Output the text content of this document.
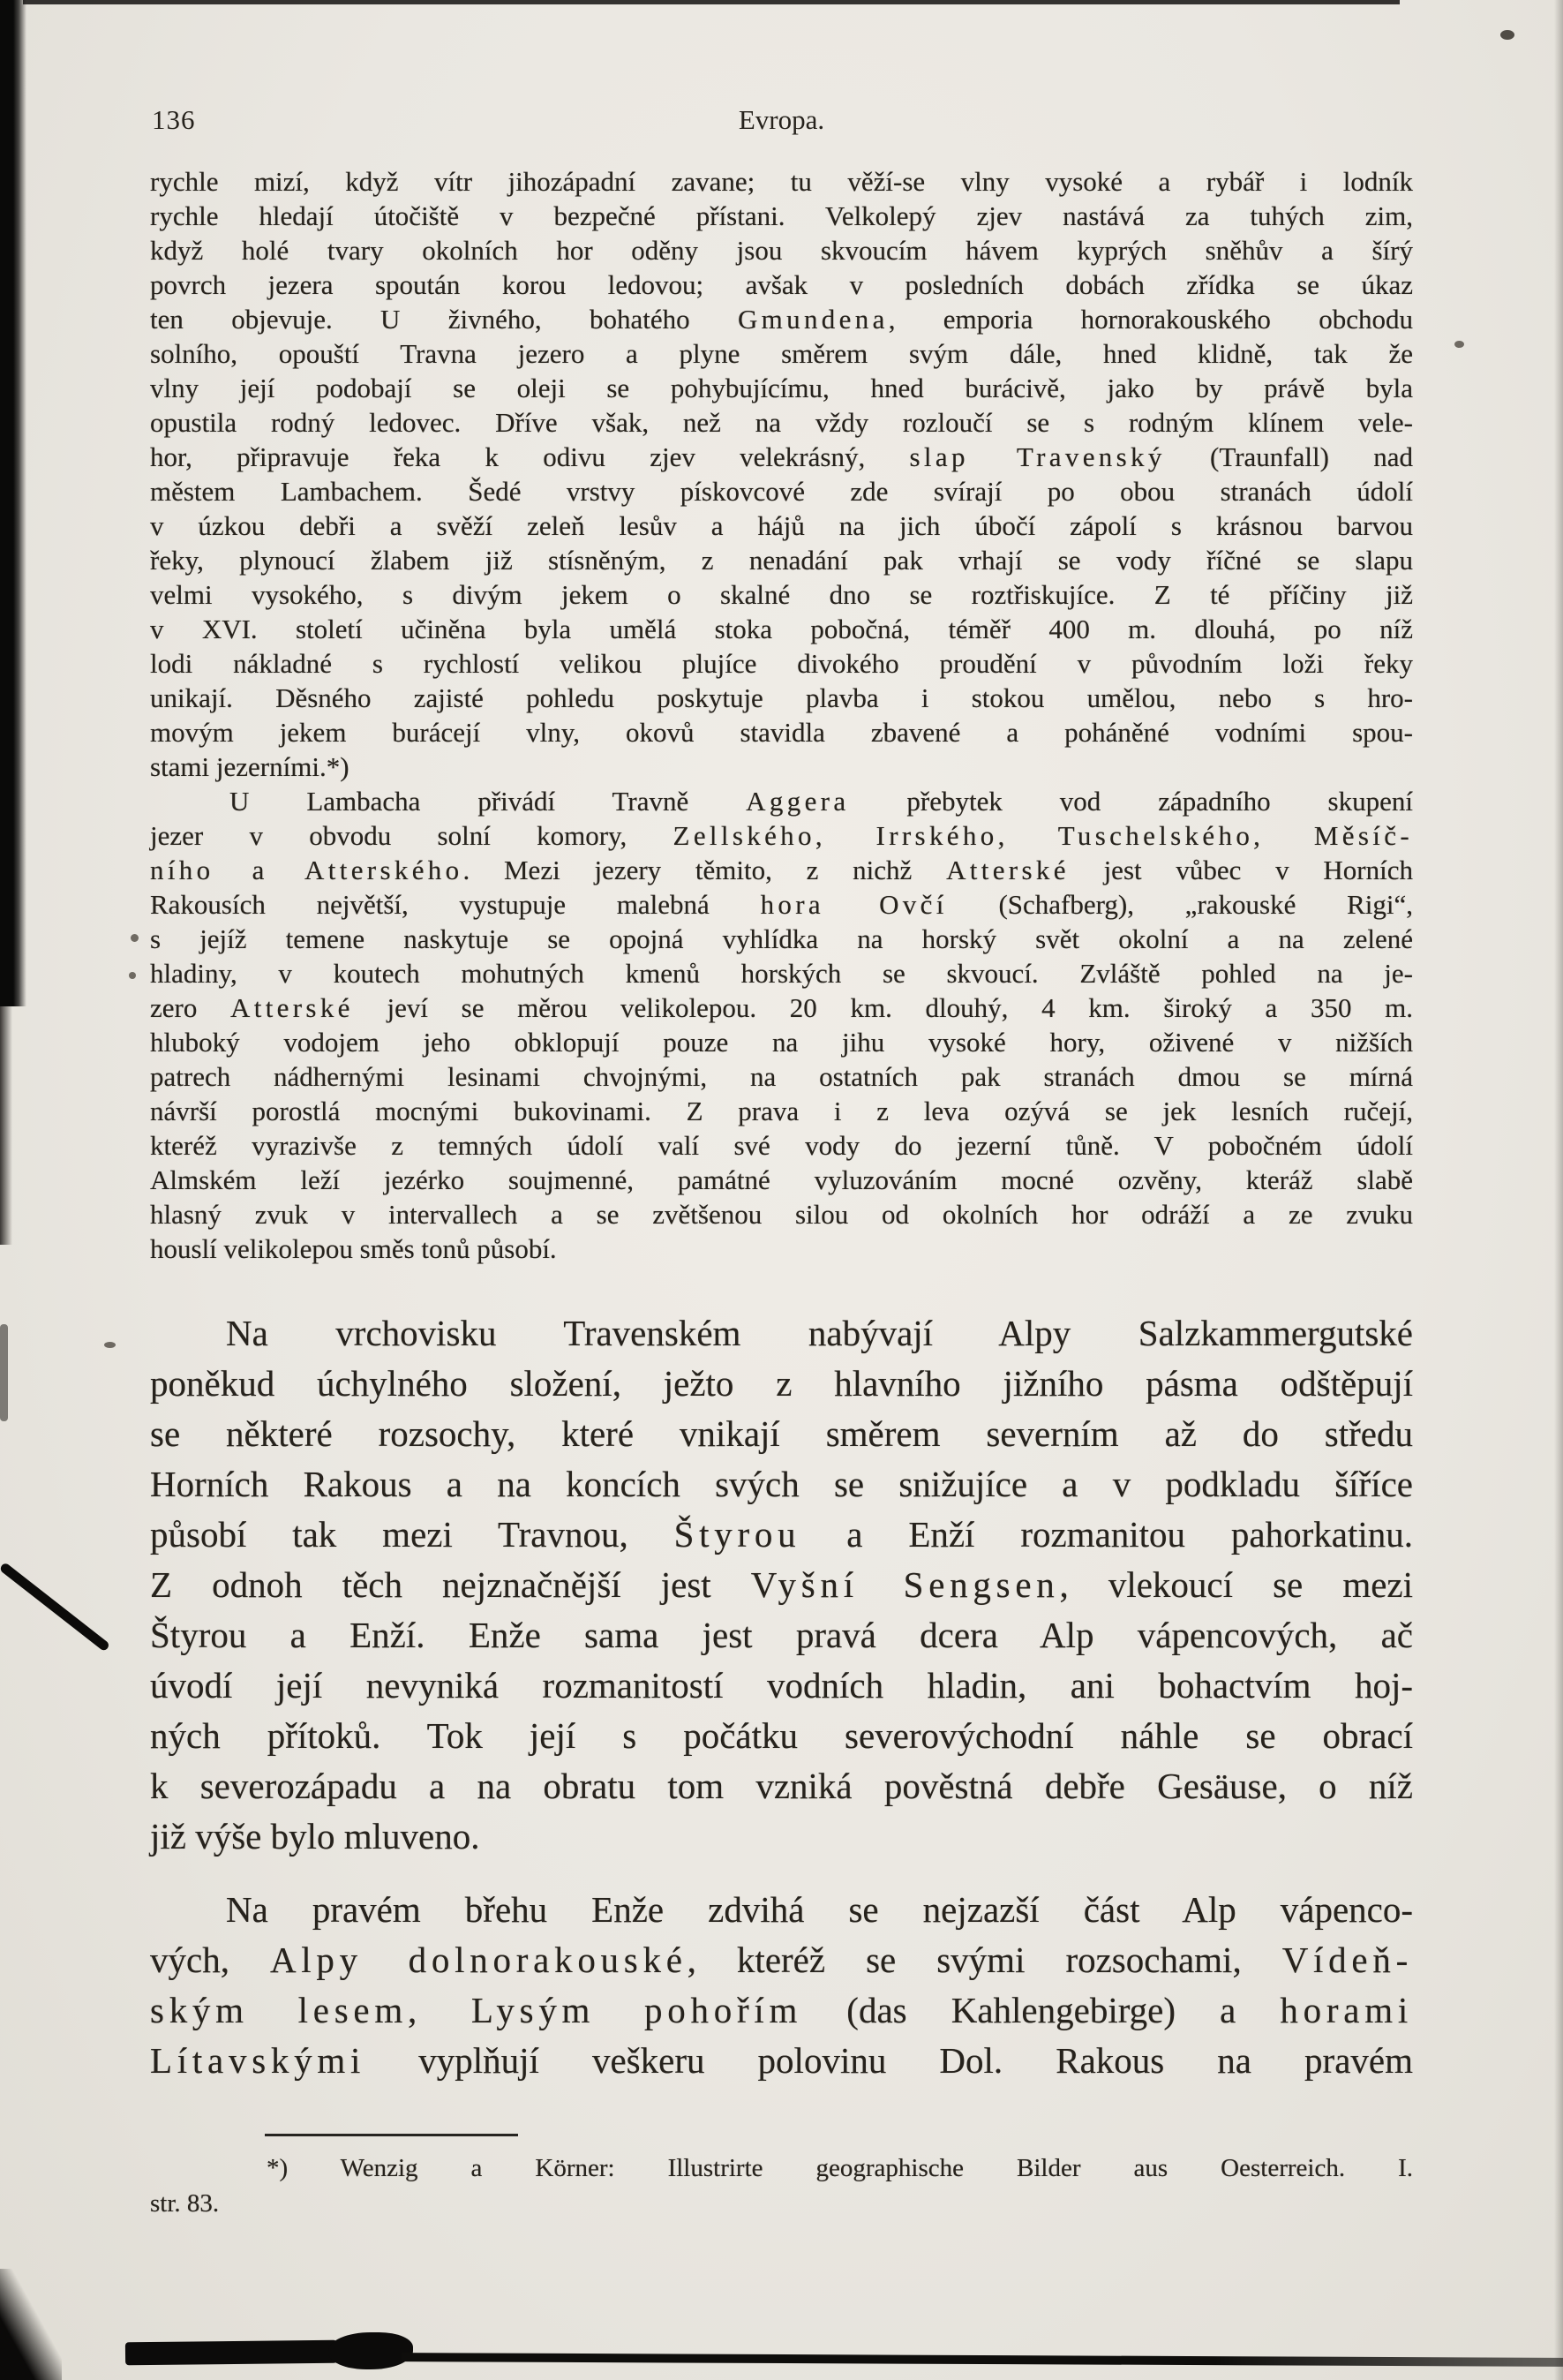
136	Evropa.
rychle mizí, když vítr jihozápadní zavane; tu věží-se vlny vysoké a rybář i lodník
rychle hledají útočiště v bezpečné přístani. Velkolepý zjev nastává za tuhých zim,
když holé tvary okolních hor oděny jsou skvoucím hávem kyprých sněhův a šírý
povrch jezera spoután korou ledovou; avšak v posledních dobách zřídka se úkaz
ten objevuje. U živného, bohatého Gmundena, emporia hornorakouského obchodu
solního, opouští Travna jezero a plyne směrem svým dále, hned klidně, tak že
vlny její podobají se oleji se pohybujícímu, hned burácivě, jako by právě byla
opustila rodný ledovec. Dříve však, než na vždy rozloučí se s rodným klínem vele-
hor, připravuje řeka k odivu zjev velekrásný, slap Travenský (Traunfall) nad
městem Lambachem. Šedé vrstvy pískovcové zde svírají po obou stranách údolí
v úzkou debři a svěží zeleň lesův a hájů na jich úbočí zápolí s krásnou barvou
řeky, plynoucí žlabem již stísněným, z nenadání pak vrhají se vody říčné se slapu
velmi vysokého, s divým jekem o skalné dno se roztřiskujíce. Z té příčiny již
v XVI. století učiněna byla umělá stoka pobočná, téměř 400 m. dlouhá, po níž
lodi nákladné s rychlostí velikou plujíce divokého proudění v původním loži řeky
unikají. Děsného zajisté pohledu poskytuje plavba i stokou umělou, nebo s hro-
movým jekem burácejí vlny, okovů stavidla zbavené a poháněné vodními spou-
stami jezerními.*)
U Lambacha přivádí Travně Aggera přebytek vod západního skupení
jezer v obvodu solní komory, Zellského, Irrského, Tuschelského, Měsíč-
ního a Atterského. Mezi jezery těmito, z nichž Atterské jest vůbec v Horních
Rakousích největší, vystupuje malebná hora Ovčí (Schafberg), „rakouské Rigi“,
s jejíž temene naskytuje se opojná vyhlídka na horský svět okolní a na zelené
hladiny, v koutech mohutných kmenů horských se skvoucí. Zvláště pohled na je-
zero Atterské jeví se měrou velikolepou. 20 km. dlouhý, 4 km. široký a 350 m.
hluboký vodojem jeho obklopují pouze na jihu vysoké hory, oživené v nižších
patrech nádhernými lesinami chvojnými, na ostatních pak stranách dmou se mírná
návrší porostlá mocnými bukovinami. Z prava i z leva ozývá se jek lesních ručejí,
kteréž vyrazivše z temných údolí valí své vody do jezerní tůně. V pobočném údolí
Almském leží jezérko soujmenné, památné vyluzováním mocné ozvěny, kteráž slabě
hlasný zvuk v intervallech a se zvětšenou silou od okolních hor odráží a ze zvuku
houslí velikolepou směs tonů působí.
Na vrchovisku Travenském nabývají Alpy Salzkammergutské
poněkud úchylného složení, ježto z hlavního jižního pásma odštěpují
se některé rozsochy, které vnikají směrem severním až do středu
Horních Rakous a na koncích svých se snižujíce a v podkladu šíříce
působí tak mezi Travnou, Štyrou a Enží rozmanitou pahorkatinu.
Z odnoh těch nejznačnější jest Vyšní Sengsen, vlekoucí se mezi
Štyrou a Enží. Enže sama jest pravá dcera Alp vápencových, ač
úvodí její nevyniká rozmanitostí vodních hladin, ani bohactvím hoj-
ných přítoků. Tok její s počátku severovýchodní náhle se obrací
k severozápadu a na obratu tom vzniká pověstná debře Gesäuse, o níž
již výše bylo mluveno.
Na pravém břehu Enže zdvihá se nejzazší část Alp vápenco-
vých, Alpy dolnorakouské, kteréž se svými rozsochami, Vídeň-
ským lesem, Lysým pohořím (das Kahlengebirge) a horami
Lítavskými vyplňují veškeru polovinu Dol. Rakous na pravém
*) Wenzig a Körner: Illustrirte geographische Bilder aus Oesterreich. I.
str. 83.
